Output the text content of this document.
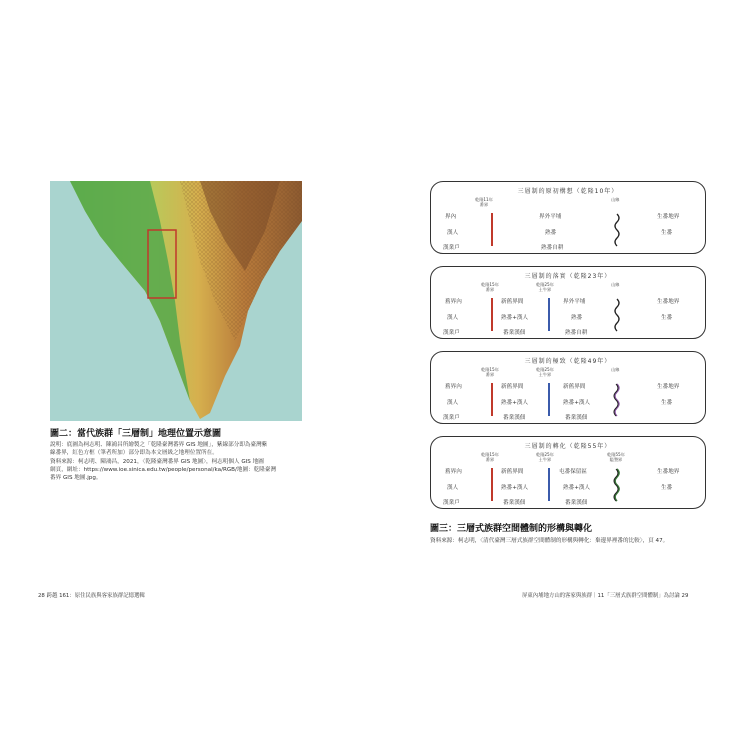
圖二：當代族群「三層制」地理位置示意圖
說明：底圖為柯志明、陳鴻昌所繪製之「乾隆臺灣番界 GIS 地圖」，紫線部分即為臺灣紫
線番界，紅色方框（筆者所加）部分即為本文層級之地理位置所在。
資料來源：柯志明、陳鴻昌，2021，〈乾隆臺灣番界 GIS 地圖〉，柯志明個人 GIS 地圖
網頁，網址：https://www.ioe.sinica.edu.tw/people/personal/ka/RGB/地圖：乾隆臺灣
番界 GIS 地圖.jpg。
28 跨越 161：原住民族與客家族群記憶選輯
三層制的原初構想（乾隆10年）
乾隆11年
番界
山線
界內	界外平埔	生番地界
漢人	熟番	生番
漢業戶	熟番自耕
三層制的落實（乾隆23年）
乾隆15年
番界
乾隆25年
土牛界
山線
舊界內	新舊界間	界外平埔	生番地界
漢人	熟番+漢人	熟番	生番
漢業戶	番業漢佃	熟番自耕
三層制的極致（乾隆49年）
乾隆15年
番界
乾隆25年
土牛界
山線
舊界內	新舊界間	新舊界間	生番地界
漢人	熟番+漢人	熟番+漢人	生番
漢業戶	番業漢佃	番業漢佃
三層制的轉化（乾隆55年）
乾隆15年
番界
乾隆25年
土牛界
乾隆55年
隘墾界
舊界內	新舊界間	屯番保留區	生番地界
漢人	熟番+漢人	熟番+漢人	生番
漢業戶	番業漢佃	番業漢佃
圖三：三層式族群空間體制的形構與轉化
資料來源：柯志明，〈清代臺灣三層式族群空間體制的形構與轉化：棄邊界裡番的比較〉，頁 47。
屏東內埔地方山的客家與族群｜11「三層式族群空間體制」為討論 29
